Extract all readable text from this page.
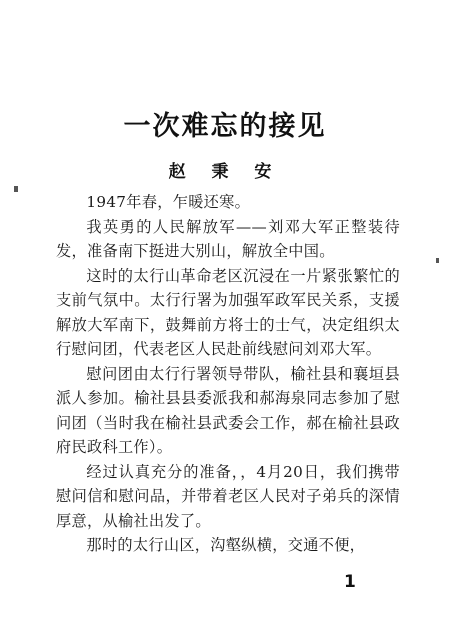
一次难忘的接见
赵 秉 安

1947年春，乍暖还寒。

我英勇的人民解放军——刘邓大军正整装待发，准备南下挺进大别山，解放全中国。

这时的太行山革命老区沉浸在一片紧张繁忙的支前气氛中。太行行署为加强军政军民关系，支援解放大军南下，鼓舞前方将士的士气，决定组织太行慰问团，代表老区人民赴前线慰问刘邓大军。

慰问团由太行行署领导带队，榆社县和襄垣县派人参加。榆社县县委派我和郝海泉同志参加了慰问团（当时我在榆社县武委会工作，郝在榆社县政府民政科工作）。

经过认真充分的准备，，4月20日，我们携带慰问信和慰问品，并带着老区人民对子弟兵的深情厚意，从榆社出发了。

那时的太行山区，沟壑纵横，交通不便，

1
